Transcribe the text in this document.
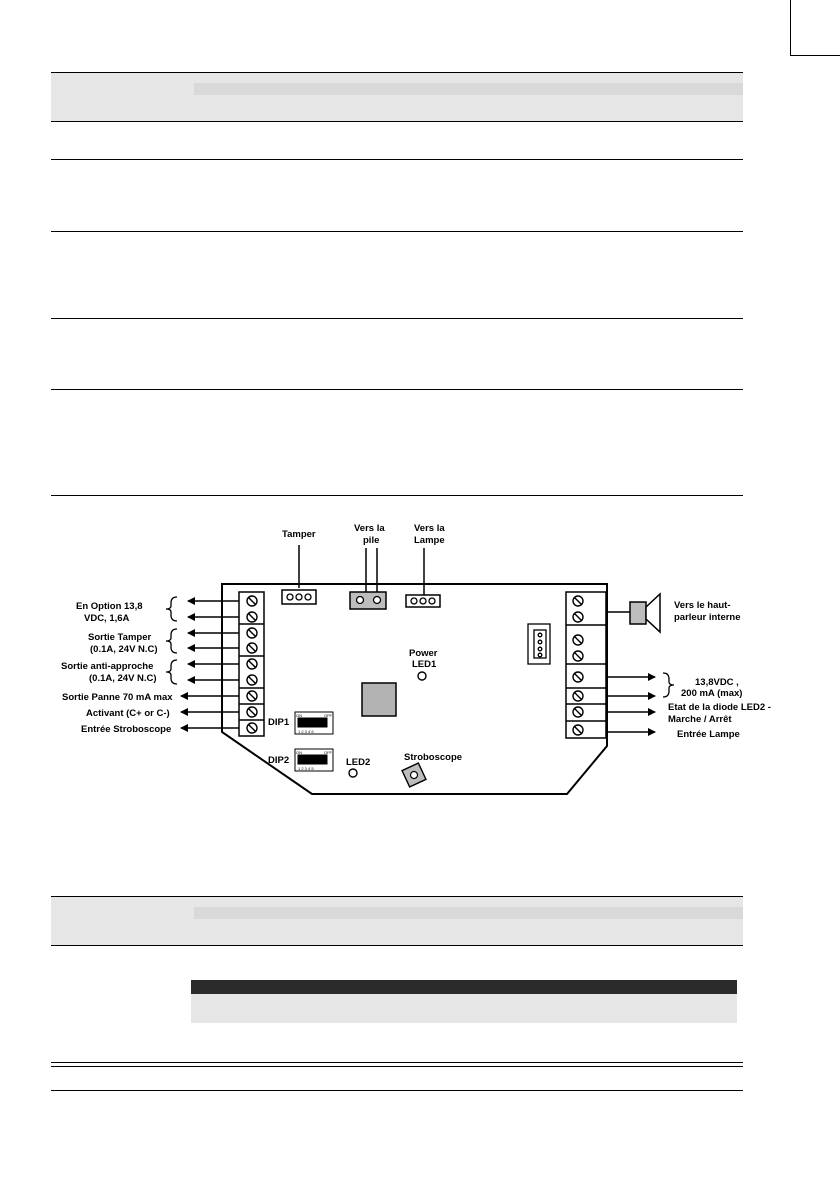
Tamper
Vers la
pile
Vers la
Lampe
En Option 13,8
VDC, 1,6A
Sortie Tamper
(0.1A, 24V N.C)
Sortie anti-approche
(0.1A, 24V N.C)
Sortie Panne 70 mA max
Activant (C+ or C-)
Entrée Stroboscope
Power
LED1
DIP1
ON	OFF
1 2 3 4 5
DIP2
ON	OFF
1 2 3 4 5
LED2	Stroboscope
Vers le haut-
parleur interne
13,8VDC ,
200 mA (max)
Etat de la diode LED2 -
Marche / Arrêt
Entrée Lampe
